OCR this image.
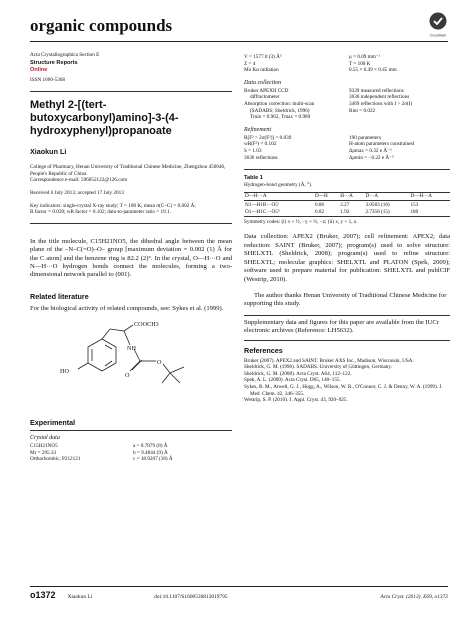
organic compounds
CrossMark
Acta Crystallographica Section E
Structure Reports
Online
ISSN 1600-5368
Methyl 2-[(tert-butoxycarbonyl)amino]-3-(4-hydroxyphenyl)propanoate
Xiaokun Li
College of Pharmacy, Henan University of Traditional Chinese Medicine, Zhengzhou 450046, People's Republic of China
Correspondence e-mail: 596052122@126.com
Received 6 July 2013; accepted 17 July 2013
Key indicators: single-crystal X-ray study; T = 100 K; mean σ(C–C) = 0.002 Å;
R factor = 0.039; wR factor = 0.102; data-to-parameter ratio = 19.1.
In the title molecule, C15H21NO5, the dihedral angle between the mean plane of the –N–C(=O)–O– group [maximum deviation = 0.002 (1) Å for the C atom] and the benzene ring is 82.2 (2)°. In the crystal, O—H···O and N—H···O hydrogen bonds connect the molecules, forming a two-dimensional network parallel to (001).
Related literature
For the biological activity of related compounds, see: Sykes et al. (1999).
COOCH3
HO
NH
O
O
Experimental
Crystal data
C15H21NO5	a = 8.7879 (8) Å
Mr = 295.33	b = 9.4844 (9) Å
Orthorhombic, P212121	c = 18.9207 (18) Å
V = 1577.0 (3) Å³	μ = 0.09 mm⁻¹
Z = 4	T = 100 K
Mo Kα radiation	0.55 × 0.49 × 0.45 mm
Data collection
Bruker APEXII CCD
diffractometer
Absorption correction: multi-scan
(SADABS; Sheldrick, 1996)
Tmin = 0.962, Tmax = 0.989
9339 measured reflections
3636 independent reflections
3469 reflections with I > 2σ(I)
Rint = 0.022
Refinement
R[F² > 2σ(F²)] = 0.039
wR(F²) = 0.102
S = 1.03
3636 reflections
190 parameters
H-atom parameters constrained
Δρmax = 0.32 e Å⁻³
Δρmin = −0.22 e Å⁻³
Table 1
Hydrogen-bond geometry (Å, °).
D—H···A	D—H	H···A	D···A	D—H···A
N1—H1B···O5ⁱ	0.86	2.27	3.0583 (16)	153
O1—H1C···O5ⁱⁱ	0.82	1.92	2.7356 (15)	180
Symmetry codes: (i) x + ½, −y + ½, −z; (ii) x, y + 1, z.
Data collection: APEX2 (Bruker, 2007); cell refinement: APEX2; data reduction: SAINT (Bruker, 2007); program(s) used to solve structure: SHELXTL (Sheldrick, 2008); program(s) used to refine structure: SHELXTL; molecular graphics: SHELXTL and PLATON (Spek, 2009); software used to prepare material for publication: SHELXTL and publCIF (Westrip, 2010).
The author thanks Henan University of Traditional Chinese Medicine for supporting this study.
Supplementary data and figures for this paper are available from the IUCr electronic archives (Reference: LH5632).
References
Bruker (2007). APEX2 and SAINT. Bruker AXS Inc., Madison, Wisconsin, USA.
Sheldrick, G. M. (1996). SADABS. University of Göttingen, Germany.
Sheldrick, G. M. (2008). Acta Cryst. A64, 112–122.
Spek, A. L. (2009). Acta Cryst. D65, 148–155.
Sykes, B. M., Atwell, G. J., Hogg, A., Wilson, W. R., O'Connor, C. J. & Denny, W. A. (1999). J. Med. Chem. 42, 346–355.
Westrip, S. P. (2010). J. Appl. Cryst. 43, 920–925.
o1372 Xiaokun Li	doi:10.1107/S1600536813019795	Acta Cryst. (2013). E69, o1372
